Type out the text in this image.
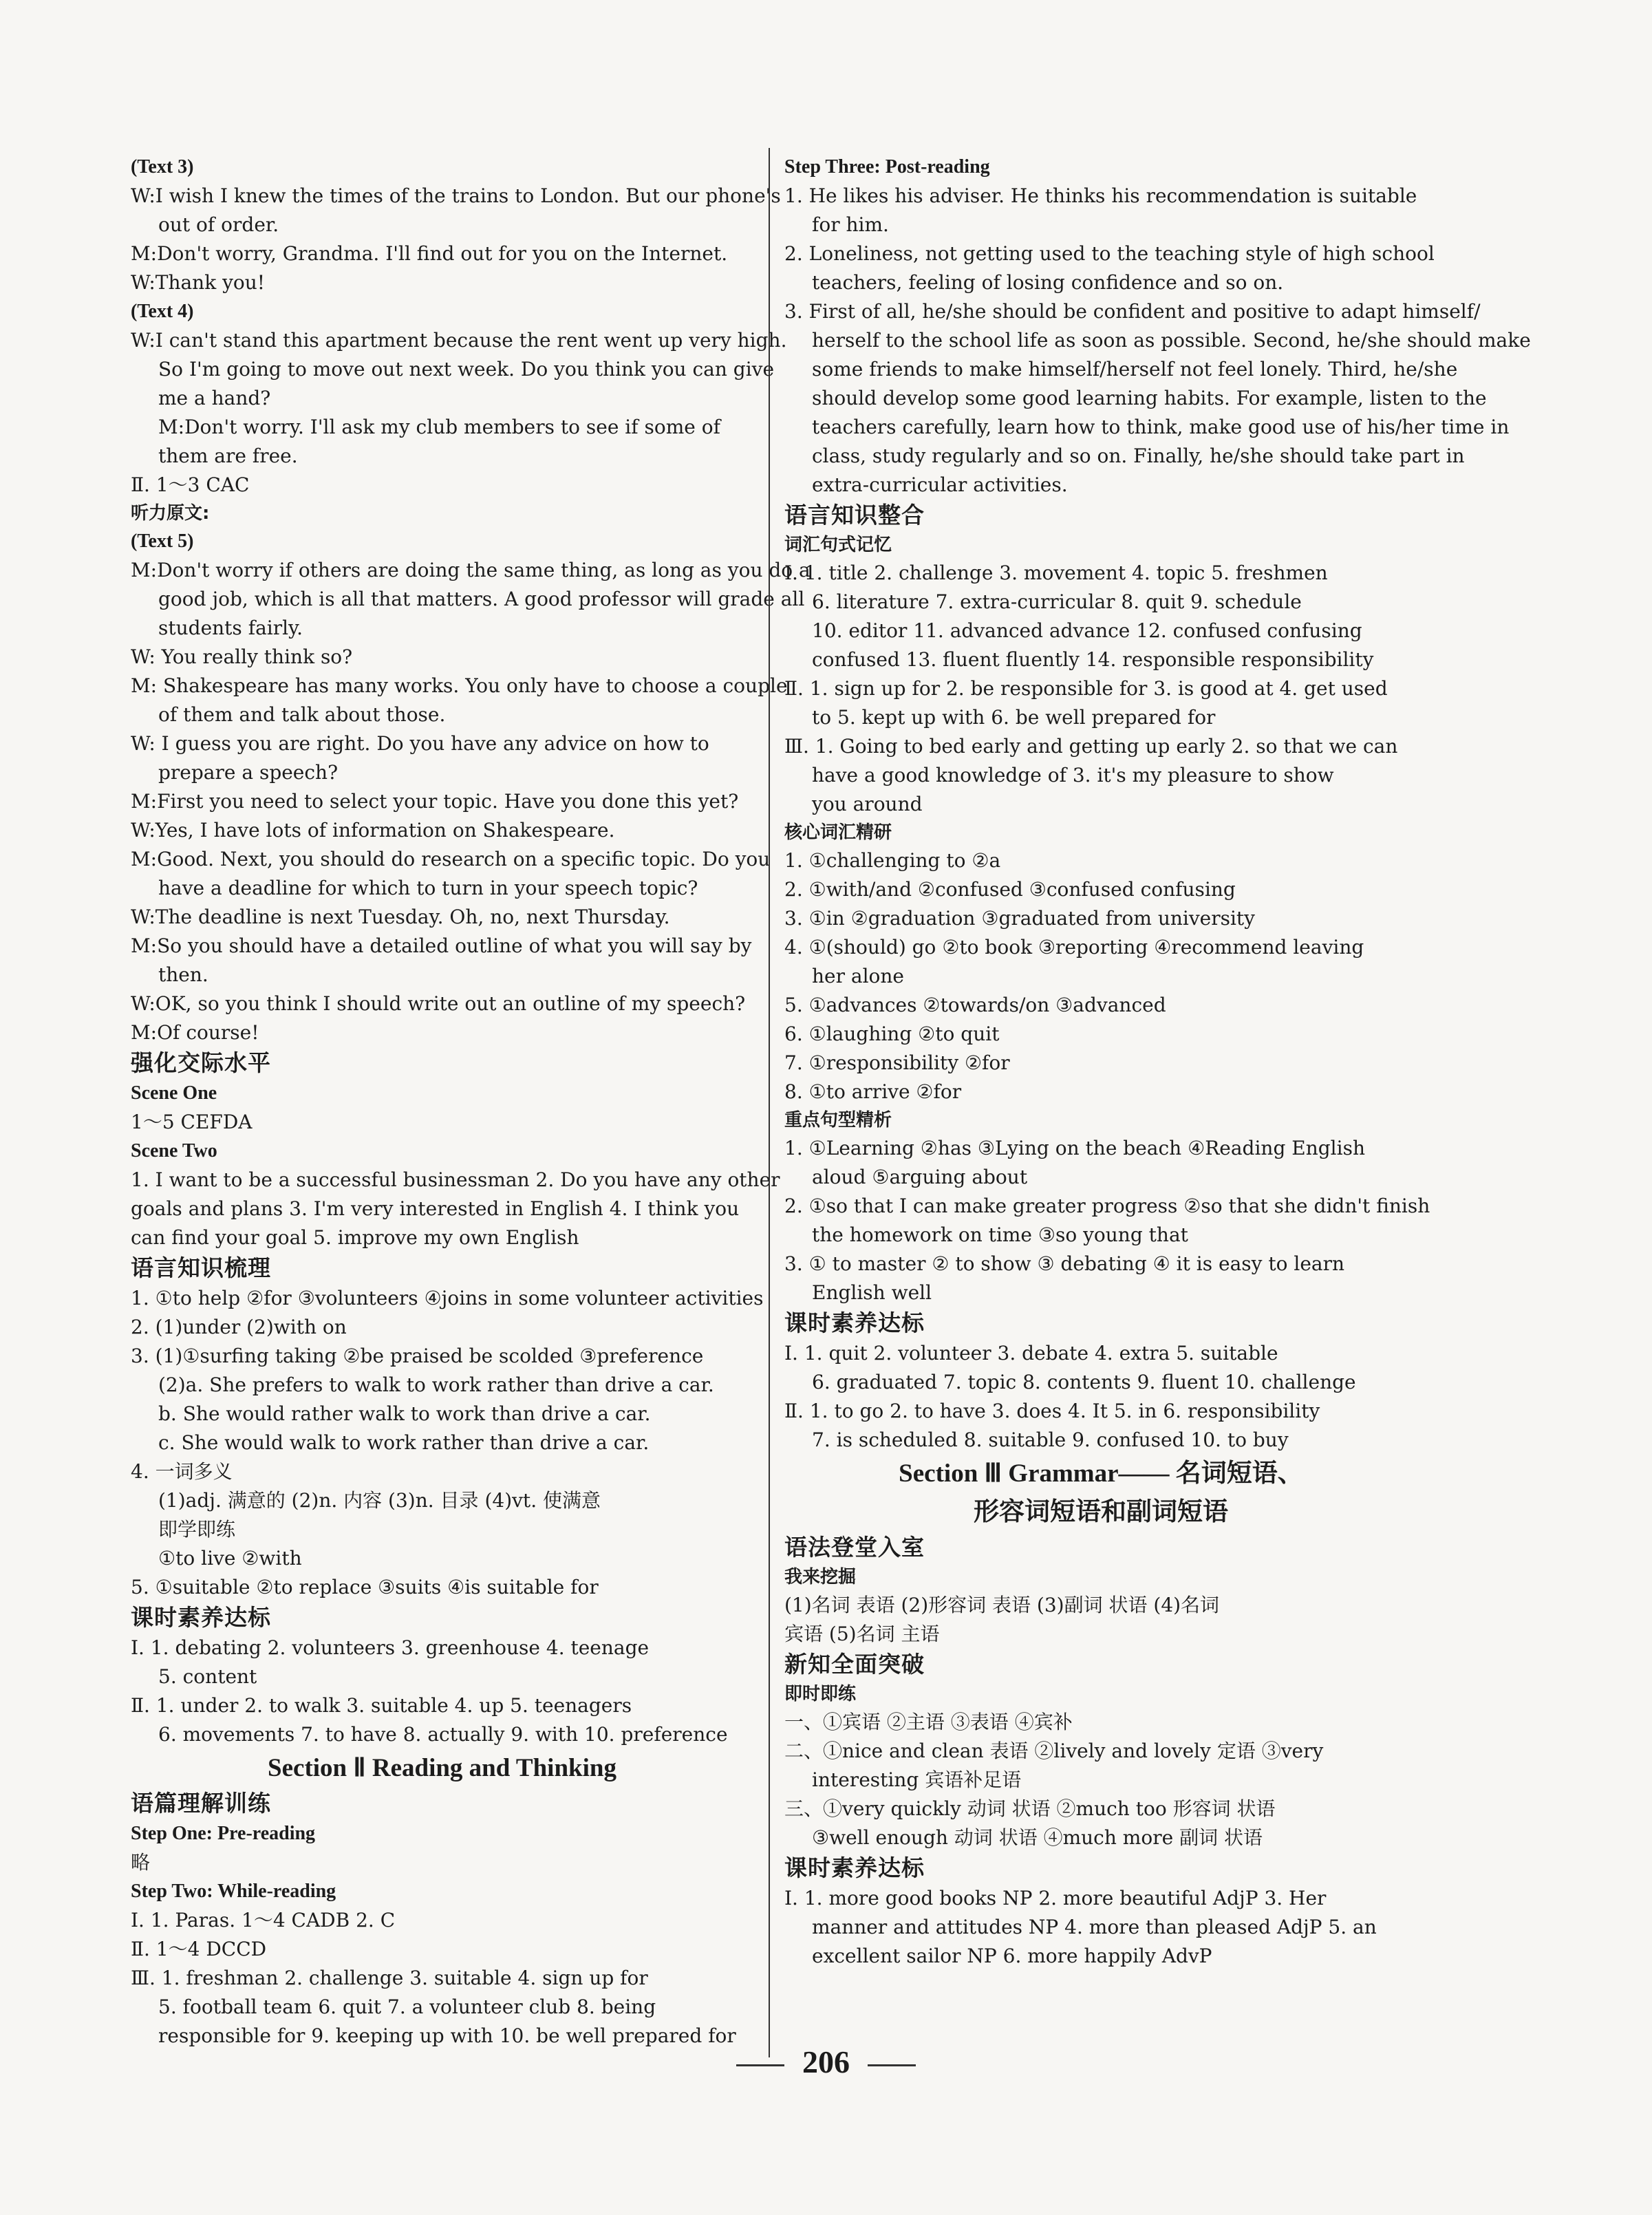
(Text 3)
W:I wish I knew the times of the trains to London. But our phone's
out of order.
M:Don't worry, Grandma. I'll find out for you on the Internet.
W:Thank you!
(Text 4)
W:I can't stand this apartment because the rent went up very high.
So I'm going to move out next week. Do you think you can give
me a hand?
M:Don't worry. I'll ask my club members to see if some of
them are free.
Ⅱ. 1～3 CAC
听力原文:
(Text 5)
M:Don't worry if others are doing the same thing, as long as you do a
good job, which is all that matters. A good professor will grade all
students fairly.
W: You really think so?
M: Shakespeare has many works. You only have to choose a couple
of them and talk about those.
W: I guess you are right. Do you have any advice on how to
prepare a speech?
M:First you need to select your topic. Have you done this yet?
W:Yes, I have lots of information on Shakespeare.
M:Good. Next, you should do research on a specific topic. Do you
have a deadline for which to turn in your speech topic?
W:The deadline is next Tuesday. Oh, no, next Thursday.
M:So you should have a detailed outline of what you will say by
then.
W:OK, so you think I should write out an outline of my speech?
M:Of course!
强化交际水平
Scene One
1～5 CEFDA
Scene Two
1. I want to be a successful businessman 2. Do you have any other
goals and plans 3. I'm very interested in English 4. I think you
can find your goal 5. improve my own English
语言知识梳理
1. ①to help ②for ③volunteers ④joins in some volunteer activities
2. (1)under (2)with on
3. (1)①surfing taking ②be praised be scolded ③preference
(2)a. She prefers to walk to work rather than drive a car.
b. She would rather walk to work than drive a car.
c. She would walk to work rather than drive a car.
4. 一词多义
(1)adj. 满意的 (2)n. 内容 (3)n. 目录 (4)vt. 使满意
即学即练
①to live ②with
5. ①suitable ②to replace ③suits ④is suitable for
课时素养达标
Ⅰ. 1. debating 2. volunteers 3. greenhouse 4. teenage
5. content
Ⅱ. 1. under 2. to walk 3. suitable 4. up 5. teenagers
6. movements 7. to have 8. actually 9. with 10. preference
Section Ⅱ Reading and Thinking
语篇理解训练
Step One: Pre-reading
略
Step Two: While-reading
Ⅰ. 1. Paras. 1～4 CADB 2. C
Ⅱ. 1～4 DCCD
Ⅲ. 1. freshman 2. challenge 3. suitable 4. sign up for
5. football team 6. quit 7. a volunteer club 8. being
responsible for 9. keeping up with 10. be well prepared for
Step Three: Post-reading
1. He likes his adviser. He thinks his recommendation is suitable
for him.
2. Loneliness, not getting used to the teaching style of high school
teachers, feeling of losing confidence and so on.
3. First of all, he/she should be confident and positive to adapt himself/
herself to the school life as soon as possible. Second, he/she should make
some friends to make himself/herself not feel lonely. Third, he/she
should develop some good learning habits. For example, listen to the
teachers carefully, learn how to think, make good use of his/her time in
class, study regularly and so on. Finally, he/she should take part in
extra-curricular activities.
语言知识整合
词汇句式记忆
Ⅰ. 1. title 2. challenge 3. movement 4. topic 5. freshmen
6. literature 7. extra-curricular 8. quit 9. schedule
10. editor 11. advanced advance 12. confused confusing
confused 13. fluent fluently 14. responsible responsibility
Ⅱ. 1. sign up for 2. be responsible for 3. is good at 4. get used
to 5. kept up with 6. be well prepared for
Ⅲ. 1. Going to bed early and getting up early 2. so that we can
have a good knowledge of 3. it's my pleasure to show
you around
核心词汇精研
1. ①challenging to ②a
2. ①with/and ②confused ③confused confusing
3. ①in ②graduation ③graduated from university
4. ①(should) go ②to book ③reporting ④recommend leaving
her alone
5. ①advances ②towards/on ③advanced
6. ①laughing ②to quit
7. ①responsibility ②for
8. ①to arrive ②for
重点句型精析
1. ①Learning ②has ③Lying on the beach ④Reading English
aloud ⑤arguing about
2. ①so that I can make greater progress ②so that she didn't finish
the homework on time ③so young that
3. ① to master ② to show ③ debating ④ it is easy to learn
English well
课时素养达标
Ⅰ. 1. quit 2. volunteer 3. debate 4. extra 5. suitable
6. graduated 7. topic 8. contents 9. fluent 10. challenge
Ⅱ. 1. to go 2. to have 3. does 4. It 5. in 6. responsibility
7. is scheduled 8. suitable 9. confused 10. to buy
Section Ⅲ Grammar—— 名词短语、
形容词短语和副词短语
语法登堂入室
我来挖掘
(1)名词 表语 (2)形容词 表语 (3)副词 状语 (4)名词
宾语 (5)名词 主语
新知全面突破
即时即练
一、①宾语 ②主语 ③表语 ④宾补
二、①nice and clean 表语 ②lively and lovely 定语 ③very
interesting 宾语补足语
三、①very quickly 动词 状语 ②much too 形容词 状语
③well enough 动词 状语 ④much more 副词 状语
课时素养达标
Ⅰ. 1. more good books NP 2. more beautiful AdjP 3. Her
manner and attitudes NP 4. more than pleased AdjP 5. an
excellent sailor NP 6. more happily AdvP
206
